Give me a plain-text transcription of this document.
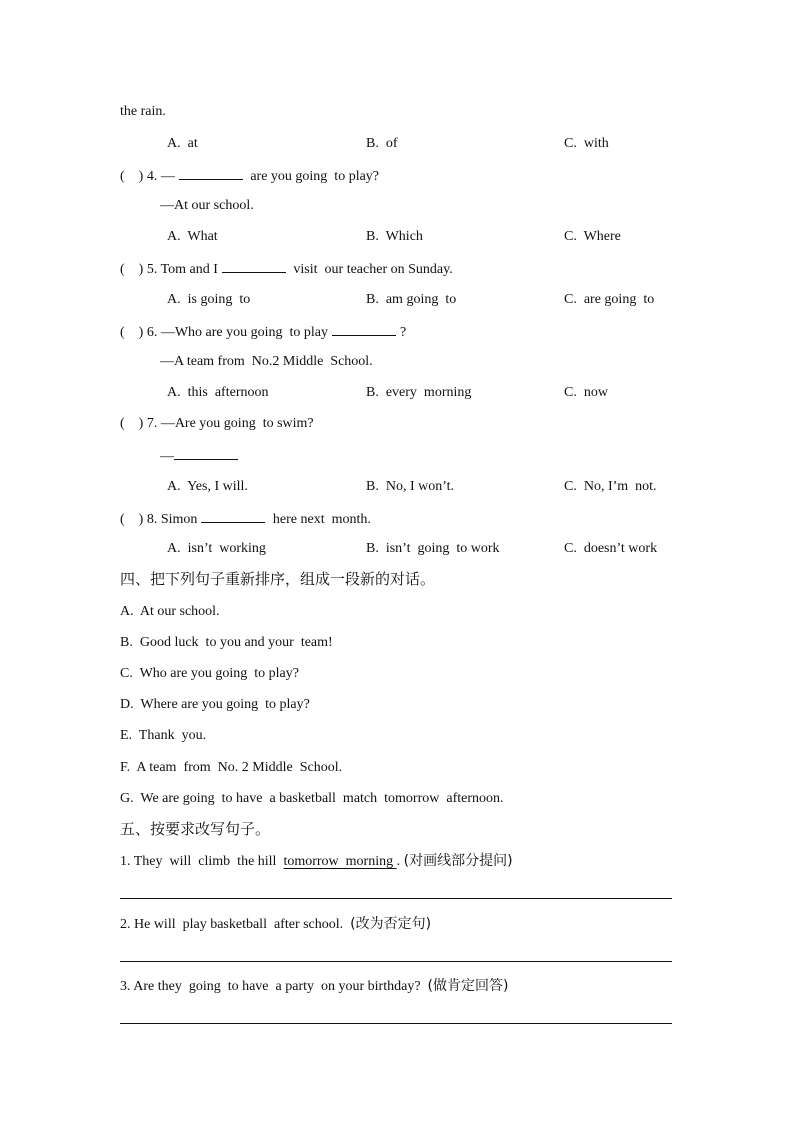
the rain.
A.  at	B.  of	C.  with
(    ) 4. —	are you going  to play?
—At our school.
A.  What	B.  Which	C.  Where
(    ) 5. Tom and I	visit  our teacher on Sunday.
A.  is going  to	B.  am going  to	C.  are going  to
(    ) 6. —Who are you going  to play	?
—A team from  No.2 Middle  School.
A.  this  afternoon	B.  every  morning	C.  now
(    ) 7. —Are you going  to swim?
—
A.  Yes, I will.	B.  No, I won’t.	C.  No, I’m  not.
(    ) 8. Simon	here next  month.
A.  isn’t  working	B.  isn’t  going  to work	C.  doesn’t work
四、把下列句子重新排序，组成一段新的对话。
A.  At our school.
B.  Good luck  to you and your  team!
C.  Who are you going  to play?
D.  Where are you going  to play?
E.  Thank  you.
F.  A team  from  No. 2 Middle  School.
G.  We are going  to have  a basketball  match  tomorrow  afternoon.
五、按要求改写句子。
1. They  will  climb  the hill  tomorrow  morning . (对画线部分提问)
2. He will  play basketball  after school.  (改为否定句)
3. Are they  going  to have  a party  on your birthday?  (做肯定回答)
